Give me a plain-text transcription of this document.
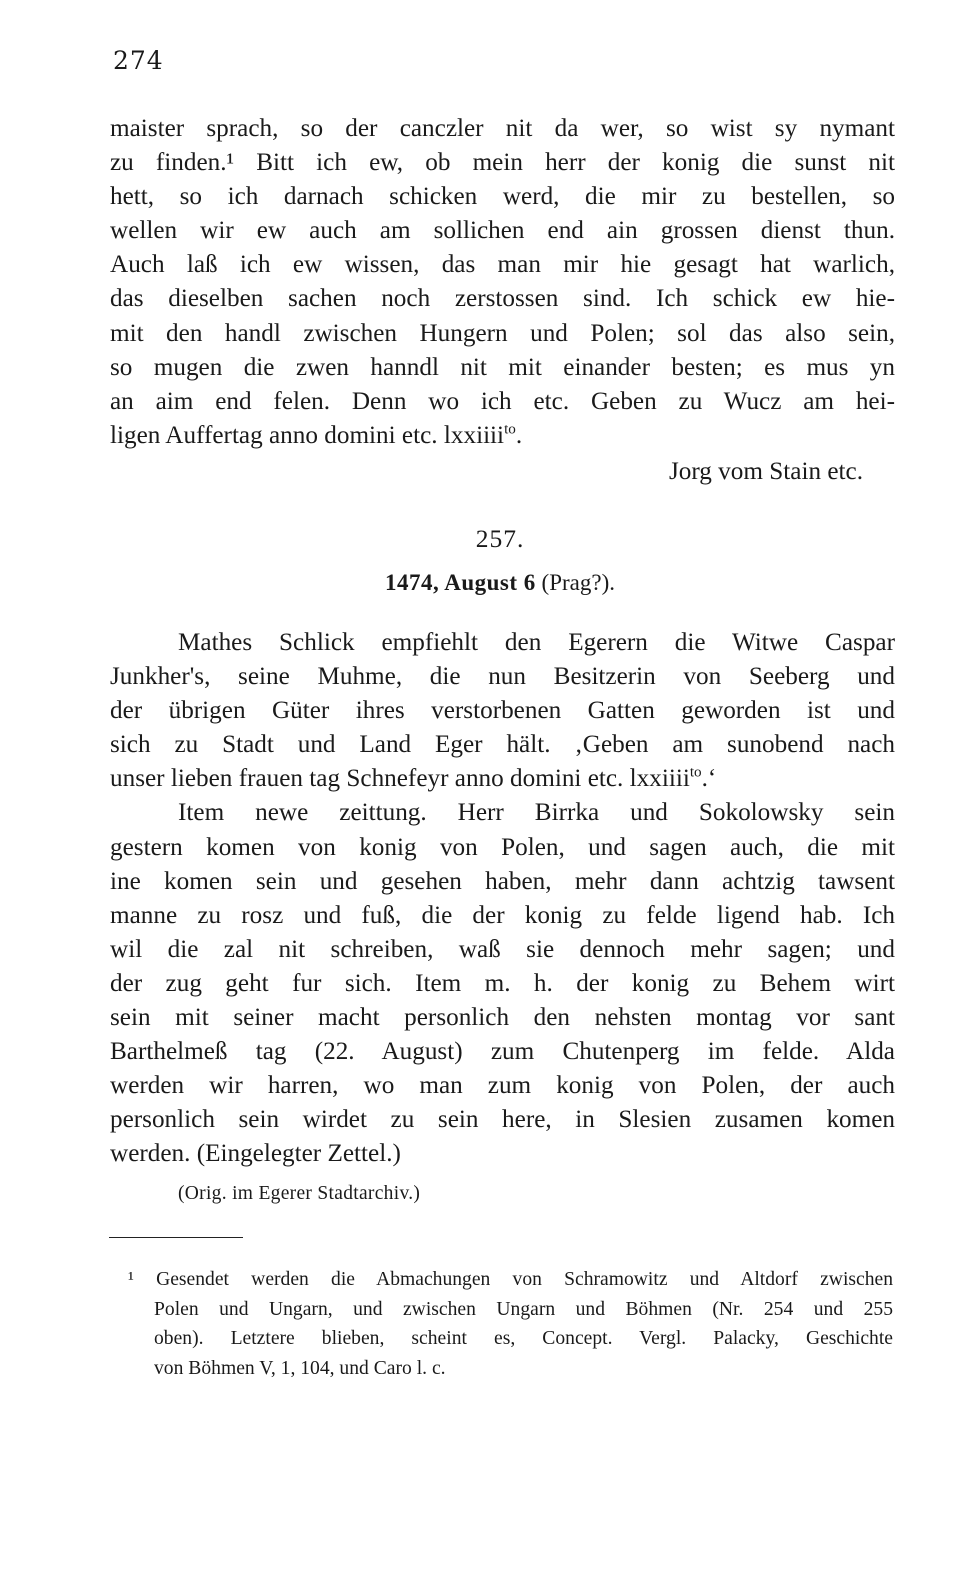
274
maister sprach, so der canczler nit da wer, so wist sy nymant
zu finden.¹ Bitt ich ew, ob mein herr der konig die sunst nit
hett, so ich darnach schicken werd, die mir zu bestellen, so
wellen wir ew auch am sollichen end ain grossen dienst thun.
Auch laß ich ew wissen, das man mir hie gesagt hat warlich,
das dieselben sachen noch zerstossen sind. Ich schick ew hie-
mit den handl zwischen Hungern und Polen; sol das also sein,
so mugen die zwen hanndl nit mit einander besten; es mus yn
an aim end felen. Denn wo ich etc. Geben zu Wucz am hei-
ligen Auffertag anno domini etc. lxxiiii$^{to}$.
Jorg vom Stain etc.
257.
1474, August 6 (Prag?).
Mathes Schlick empfiehlt den Egerern die Witwe Caspar
Junkher's, seine Muhme, die nun Besitzerin von Seeberg und
der übrigen Güter ihres verstorbenen Gatten geworden ist und
sich zu Stadt und Land Eger hält. ‚Geben am sunobend nach
unser lieben frauen tag Schnefeyr anno domini etc. lxxiiii$^{to}$.‘
Item newe zeittung. Herr Birrka und Sokolowsky sein
gestern komen von konig von Polen, und sagen auch, die mit
ine komen sein und gesehen haben, mehr dann achtzig tawsent
manne zu rosz und fuß, die der konig zu felde ligend hab. Ich
wil die zal nit schreiben, waß sie dennoch mehr sagen; und
der zug geht fur sich. Item m. h. der konig zu Behem wirt
sein mit seiner macht personlich den nehsten montag vor sant
Barthelmeß tag (22. August) zum Chutenperg im felde. Alda
werden wir harren, wo man zum konig von Polen, der auch
personlich sein wirdet zu sein here, in Slesien zusamen komen
werden. (Eingelegter Zettel.)
(Orig. im Egerer Stadtarchiv.)
¹ Gesendet werden die Abmachungen von Schramowitz und Altdorf zwischen
Polen und Ungarn, und zwischen Ungarn und Böhmen (Nr. 254 und 255
oben). Letztere blieben, scheint es, Concept. Vergl. Palacky, Geschichte
von Böhmen V, 1, 104, und Caro l. c.
